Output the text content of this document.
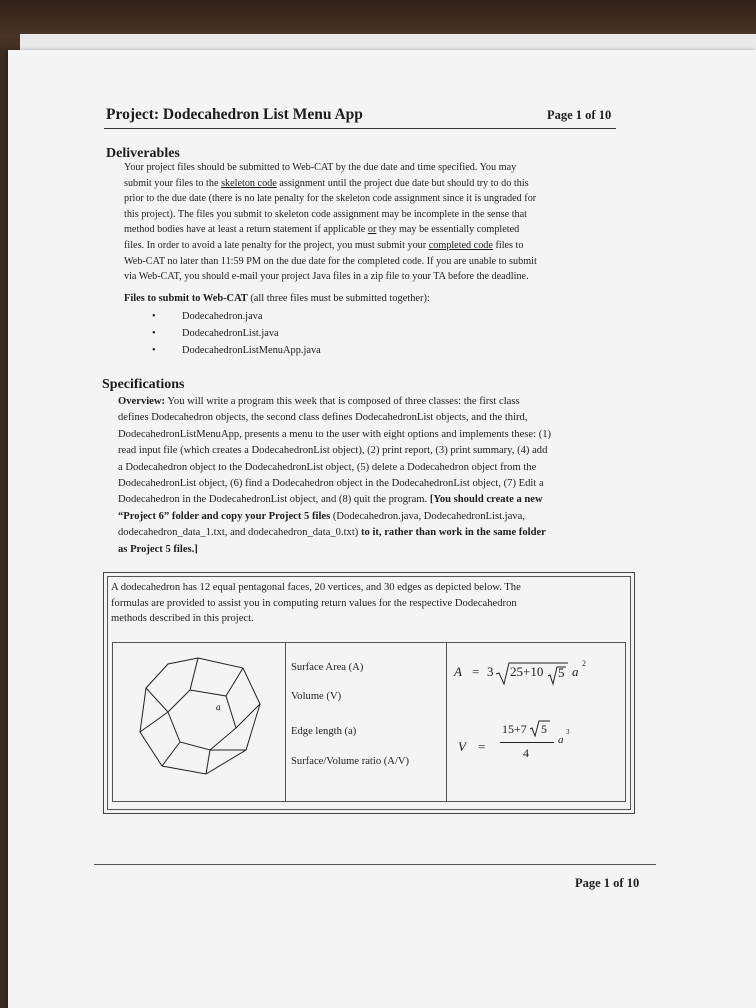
Project: Dodecahedron List Menu App	Page 1 of 10
Deliverables
Your project files should be submitted to Web-CAT by the due date and time specified. You may
submit your files to the skeleton code assignment until the project due date but should try to do this
prior to the due date (there is no late penalty for the skeleton code assignment since it is ungraded for
this project). The files you submit to skeleton code assignment may be incomplete in the sense that
method bodies have at least a return statement if applicable or they may be essentially completed
files. In order to avoid a late penalty for the project, you must submit your completed code files to
Web-CAT no later than 11:59 PM on the due date for the completed code. If you are unable to submit
via Web-CAT, you should e-mail your project Java files in a zip file to your TA before the deadline.
Files to submit to Web-CAT (all three files must be submitted together):
• Dodecahedron.java
• DodecahedronList.java
• DodecahedronListMenuApp.java
Specifications
Overview: You will write a program this week that is composed of three classes: the first class
defines Dodecahedron objects, the second class defines DodecahedronList objects, and the third,
DodecahedronListMenuApp, presents a menu to the user with eight options and implements these: (1)
read input file (which creates a DodecahedronList object), (2) print report, (3) print summary, (4) add
a Dodecahedron object to the DodecahedronList object, (5) delete a Dodecahedron object from the
DodecahedronList object, (6) find a Dodecahedron object in the DodecahedronList object, (7) Edit a
Dodecahedron in the DodecahedronList object, and (8) quit the program. [You should create a new
“Project 6” folder and copy your Project 5 files (Dodecahedron.java, DodecahedronList.java,
dodecahedron_data_1.txt, and dodecahedron_data_0.txt) to it, rather than work in the same folder
as Project 5 files.]
A dodecahedron has 12 equal pentagonal faces, 20 vertices, and 30 edges as depicted below. The
formulas are provided to assist you in computing return values for the respective Dodecahedron
methods described in this project.
a
Surface Area (A)
Volume (V)
Edge length (a)
Surface/Volume ratio (A/V)
A = 3 25+10 5 a
2
V =
15+7 5
4
a
3
Page 1 of 10
